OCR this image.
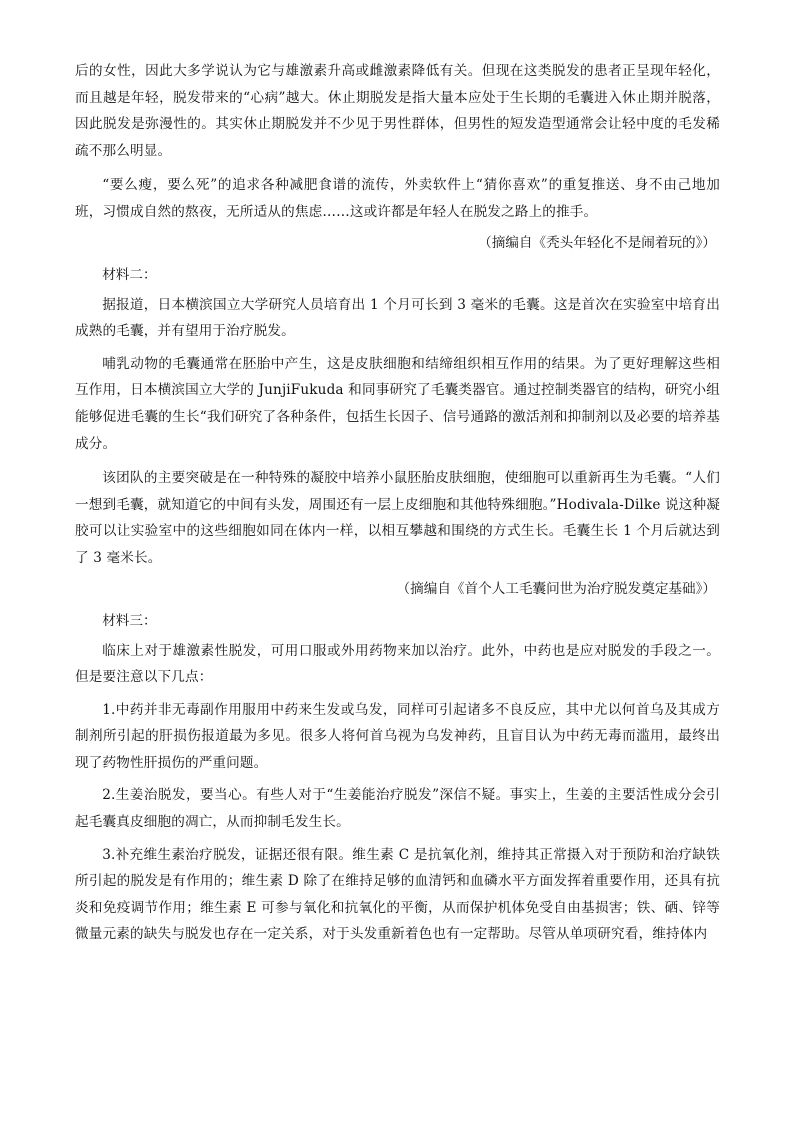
后的女性，因此大多学说认为它与雄激素升高或雌激素降低有关。但现在这类脱发的患者正呈现年轻化，而且越是年轻，脱发带来的“心病”越大。休止期脱发是指大量本应处于生长期的毛囊进入休止期并脱落，因此脱发是弥漫性的。其实休止期脱发并不少见于男性群体，但男性的短发造型通常会让轻中度的毛发稀疏不那么明显。

“要么瘦，要么死”的追求各种减肥食谱的流传，外卖软件上“猜你喜欢”的重复推送、身不由己地加班，习惯成自然的熬夜，无所适从的焦虑……这或许都是年轻人在脱发之路上的推手。

（摘编自《秃头年轻化不是闹着玩的》）

材料二：

据报道，日本横滨国立大学研究人员培育出 1 个月可长到 3 毫米的毛囊。这是首次在实验室中培育出成熟的毛囊，并有望用于治疗脱发。

哺乳动物的毛囊通常在胚胎中产生，这是皮肤细胞和结缔组织相互作用的结果。为了更好理解这些相互作用，日本横滨国立大学的 JunjiFukuda 和同事研究了毛囊类器官。通过控制类器官的结构，研究小组能够促进毛囊的生长“我们研究了各种条件，包括生长因子、信号通路的激活剂和抑制剂以及必要的培养基成分。

该团队的主要突破是在一种特殊的凝胶中培养小鼠胚胎皮肤细胞，使细胞可以重新再生为毛囊。“人们一想到毛囊，就知道它的中间有头发，周围还有一层上皮细胞和其他特殊细胞。”Hodivala-Dilke 说这种凝胶可以让实验室中的这些细胞如同在体内一样，以相互攀越和围绕的方式生长。毛囊生长 1 个月后就达到了 3 毫米长。

（摘编自《首个人工毛囊问世为治疗脱发奠定基础》）

材料三：

临床上对于雄激素性脱发，可用口服或外用药物来加以治疗。此外，中药也是应对脱发的手段之一。但是要注意以下几点：

1.中药并非无毒副作用服用中药来生发或乌发，同样可引起诸多不良反应，其中尤以何首乌及其成方制剂所引起的肝损伤报道最为多见。很多人将何首乌视为乌发神药，且盲目认为中药无毒而滥用，最终出现了药物性肝损伤的严重问题。

2.生姜治脱发，要当心。有些人对于“生姜能治疗脱发”深信不疑。事实上，生姜的主要活性成分会引起毛囊真皮细胞的凋亡，从而抑制毛发生长。

3.补充维生素治疗脱发，证据还很有限。维生素 C 是抗氧化剂，维持其正常摄入对于预防和治疗缺铁所引起的脱发是有作用的；维生素 D 除了在维持足够的血清钙和血磷水平方面发挥着重要作用，还具有抗炎和免疫调节作用；维生素 E 可参与氧化和抗氧化的平衡，从而保护机体免受自由基损害；铁、硒、锌等微量元素的缺失与脱发也存在一定关系，对于头发重新着色也有一定帮助。尽管从单项研究看，维持体内
